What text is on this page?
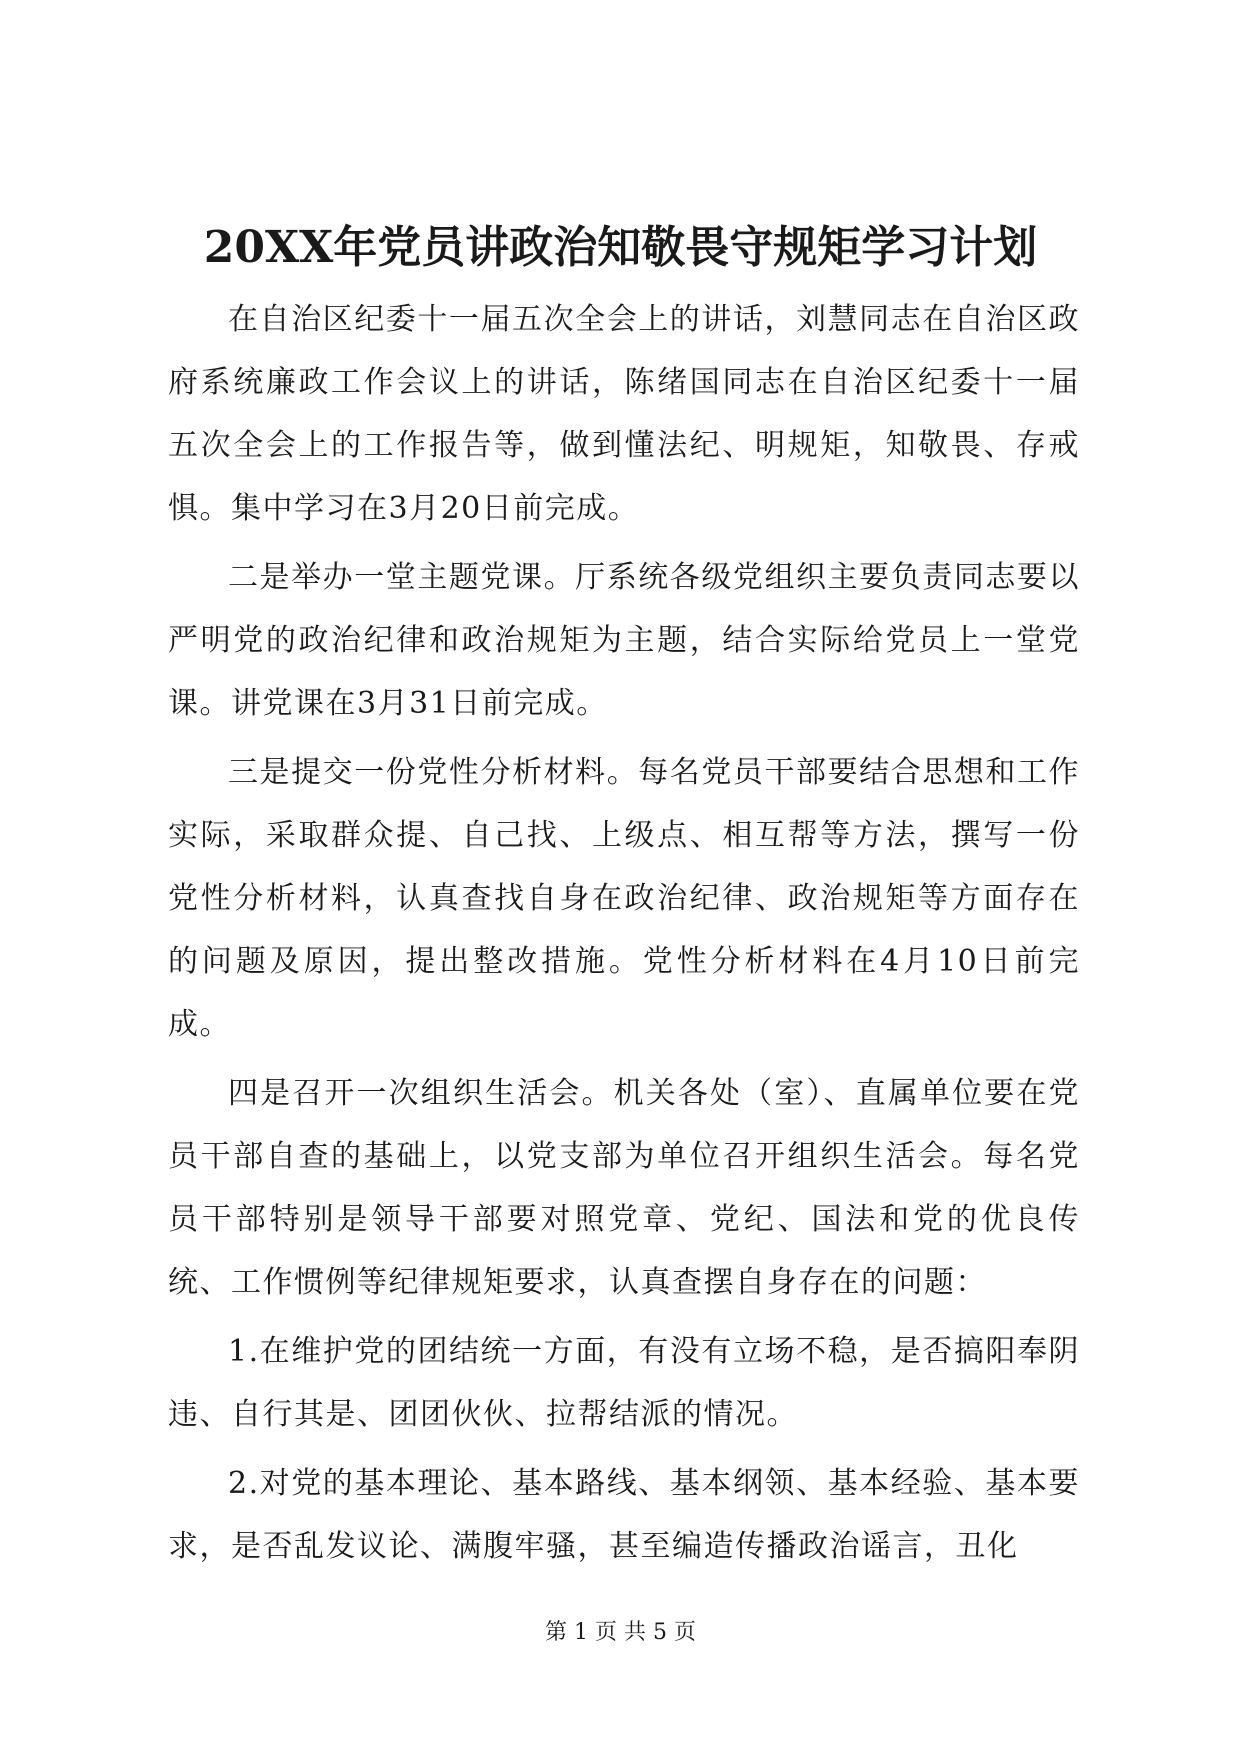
20XX年党员讲政治知敬畏守规矩学习计划

在自治区纪委十一届五次全会上的讲话，刘慧同志在自治区政府系统廉政工作会议上的讲话，陈绪国同志在自治区纪委十一届五次全会上的工作报告等，做到懂法纪、明规矩，知敬畏、存戒惧。集中学习在3月20日前完成。

二是举办一堂主题党课。厅系统各级党组织主要负责同志要以严明党的政治纪律和政治规矩为主题，结合实际给党员上一堂党课。讲党课在3月31日前完成。

三是提交一份党性分析材料。每名党员干部要结合思想和工作实际，采取群众提、自己找、上级点、相互帮等方法，撰写一份党性分析材料，认真查找自身在政治纪律、政治规矩等方面存在的问题及原因，提出整改措施。党性分析材料在4月10日前完成。

四是召开一次组织生活会。机关各处（室）、直属单位要在党员干部自查的基础上，以党支部为单位召开组织生活会。每名党员干部特别是领导干部要对照党章、党纪、国法和党的优良传统、工作惯例等纪律规矩要求，认真查摆自身存在的问题：

1.在维护党的团结统一方面，有没有立场不稳，是否搞阳奉阴违、自行其是、团团伙伙、拉帮结派的情况。

2.对党的基本理论、基本路线、基本纲领、基本经验、基本要求，是否乱发议论、满腹牢骚，甚至编造传播政治谣言，丑化

第 1 页 共 5 页
